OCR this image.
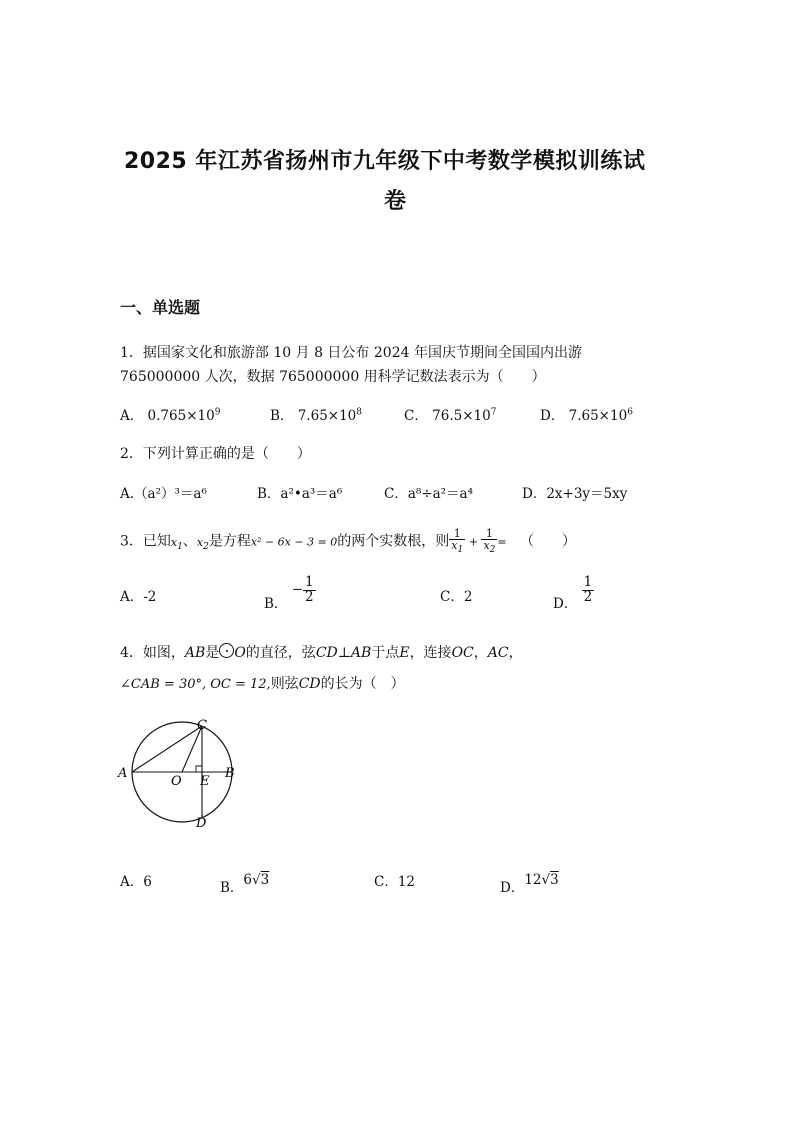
2025 年江苏省扬州市九年级下中考数学模拟训练试
卷
一、单选题
1．据国家文化和旅游部 10 月 8 日公布 2024 年国庆节期间全国国内出游
765000000 人次，数据 765000000 用科学记数法表示为（　　）
A． $0.765\times 10^9$	B． $7.65\times 10^8$	C． $76.5\times 10^7$	D． $7.65\times 10^6$
2．下列计算正确的是（　　）
A.（a²）³＝a⁶	B．a²•a³＝a⁶	C．a⁸÷a²＝a⁴	D．2x+3y＝5xy
3．已知$x_1$、$x_2$是方程x² − 6x − 3 = 0的两个实数根，则 $\frac{1}{x_1} + \frac{1}{x_2}$ = （　　）
A．-2	B． − $\frac{1}{2}$	C．2	D． $\frac{1}{2}$
4．如图，AB是 O的直径，弦CD⊥AB于点E，连接OC，AC，
∠CAB = 30°, OC = 12,则弦CD的长为（　）
A	B
C
D
O E
A．6	B．6√3	C．12	D．12√3
